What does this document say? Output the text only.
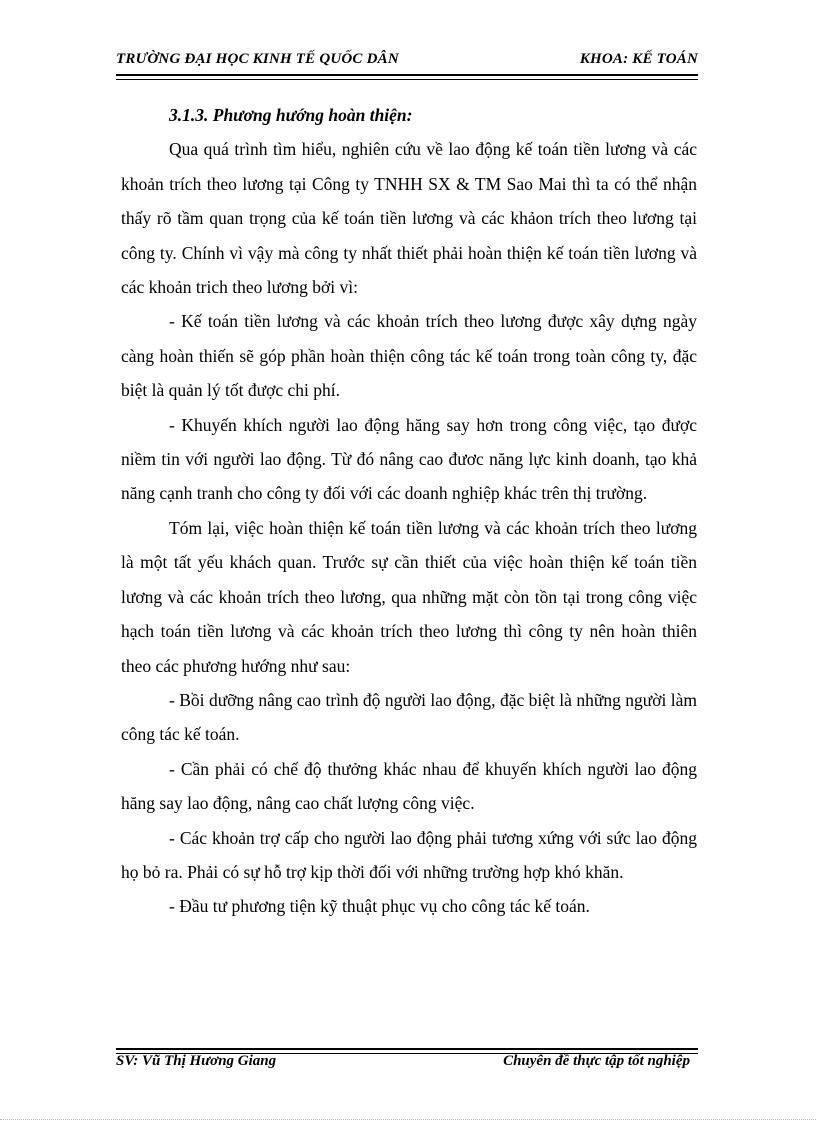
TRƯỜNG ĐẠI HỌC KINH TẾ QUỐC DÂN	KHOA: KẾ TOÁN

3.1.3. Phương hướng hoàn thiện:

Qua quá trình tìm hiểu, nghiên cứu về lao động kế toán tiền lương và các khoản trích theo lương tại Công ty TNHH SX & TM Sao Mai thì ta có thể nhận thấy rõ tầm quan trọng của kế toán tiền lương và các khảon trích theo lương tại công ty. Chính vì vậy mà công ty nhất thiết phải hoàn thiện kế toán tiền lương và các khoản trich theo lương bởi vì:

- Kế toán tiền lương và các khoản trích theo lương được xây dựng ngày càng hoàn thiến sẽ góp phần hoàn thiện công tác kế toán trong toàn công ty, đặc biệt là quản lý tốt được chi phí.

- Khuyến khích người lao động hăng say hơn trong công việc, tạo được niềm tin với người lao động. Từ đó nâng cao đươc năng lực kinh doanh, tạo khả năng cạnh tranh cho công ty đối với các doanh nghiệp khác trên thị trường.

Tóm lại, việc hoàn thiện kế toán tiền lương và các khoản trích theo lương là một tất yếu khách quan. Trước sự cần thiết của việc hoàn thiện kế toán tiền lương và các khoản trích theo lương, qua những mặt còn tồn tại trong công việc hạch toán tiền lương và các khoản trích theo lương thì công ty nên hoàn thiên theo các phương hướng như sau:

- Bồi dưỡng nâng cao trình độ người lao động, đặc biệt là những người làm công tác kế toán.

- Cần phải có chế độ thưởng khác nhau để khuyến khích người lao động hăng say lao động, nâng cao chất lượng công việc.

- Các khoản trợ cấp cho người lao động phải tương xứng với sức lao động họ bỏ ra. Phải có sự hỗ trợ kịp thời đối với những trường hợp khó khăn.

- Đầu tư phương tiện kỹ thuật phục vụ cho công tác kế toán.

SV: Vũ Thị Hương Giang	Chuyên đề thực tập tốt nghiệp
